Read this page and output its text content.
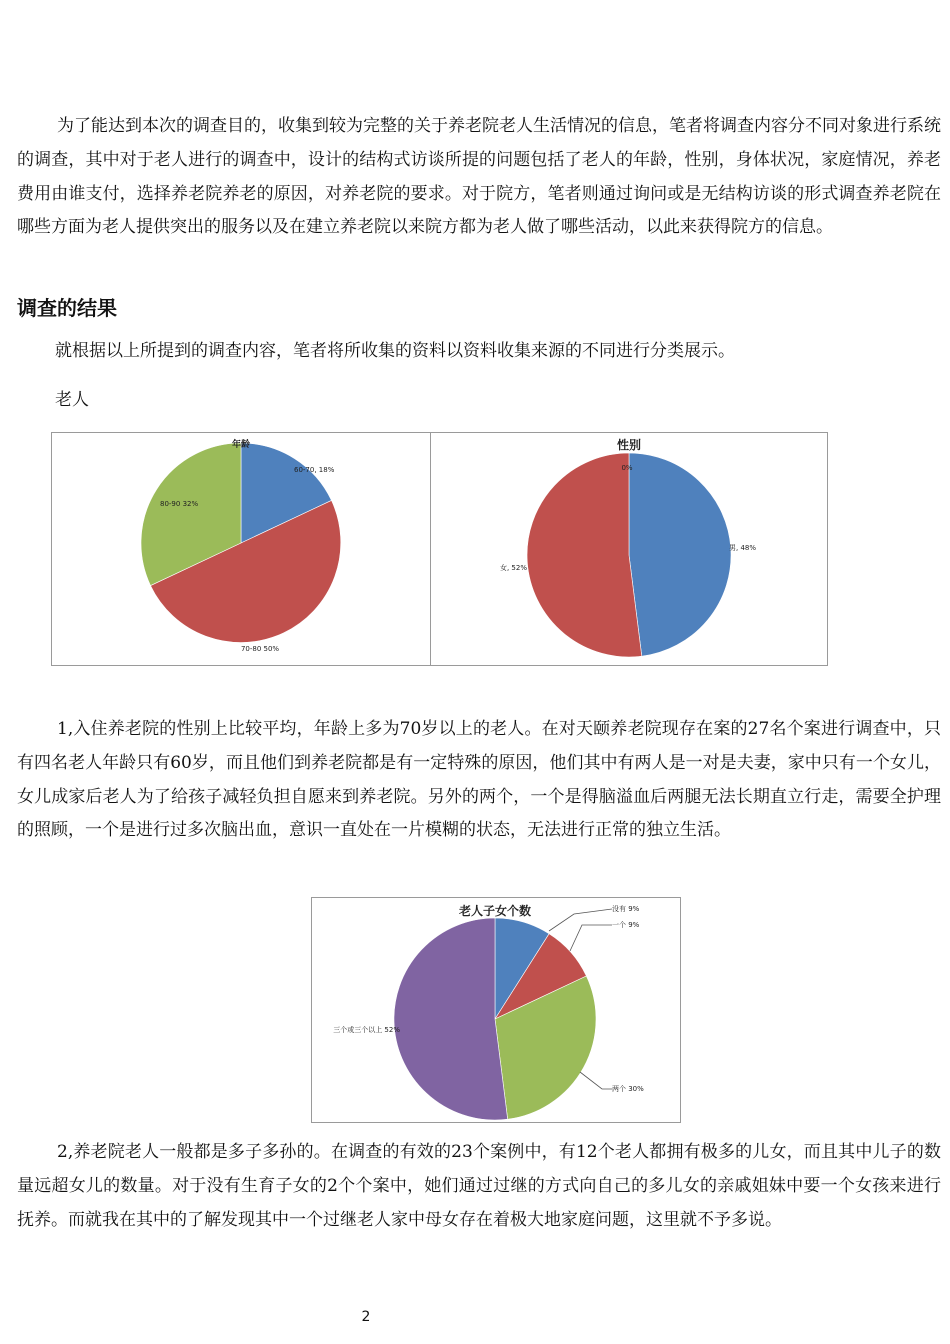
为了能达到本次的调查目的，收集到较为完整的关于养老院老人生活情况的信息，笔者将调查内容分不同对象进行系统的调查，其中对于老人进行的调查中，设计的结构式访谈所提的问题包括了老人的年龄，性别，身体状况，家庭情况，养老费用由谁支付，选择养老院养老的原因，对养老院的要求。对于院方，笔者则通过询问或是无结构访谈的形式调查养老院在哪些方面为老人提供突出的服务以及在建立养老院以来院方都为老人做了哪些活动，以此来获得院方的信息。

调查的结果

就根据以上所提到的调查内容，笔者将所收集的资料以资料收集来源的不同进行分类展示。

老人

年龄
60-70, 18%
70-80 50%
80-90 32%
性别
男, 48%
女, 52%
0%

1,入住养老院的性别上比较平均，年龄上多为70岁以上的老人。在对天颐养老院现存在案的27名个案进行调查中，只有四名老人年龄只有60岁，而且他们到养老院都是有一定特殊的原因，他们其中有两人是一对是夫妻，家中只有一个女儿，女儿成家后老人为了给孩子减轻负担自愿来到养老院。另外的两个，一个是得脑溢血后两腿无法长期直立行走，需要全护理的照顾，一个是进行过多次脑出血，意识一直处在一片模糊的状态，无法进行正常的独立生活。

老人子女个数	没有 9%
一个 9%
两个 30%
三个或三个以上 52%

2,养老院老人一般都是多子多孙的。在调查的有效的23个案例中，有12个老人都拥有极多的儿女，而且其中儿子的数量远超女儿的数量。对于没有生育子女的2个个案中，她们通过过继的方式向自己的多儿女的亲戚姐妹中要一个女孩来进行抚养。而就我在其中的了解发现其中一个过继老人家中母女存在着极大地家庭问题，这里就不予多说。

2
